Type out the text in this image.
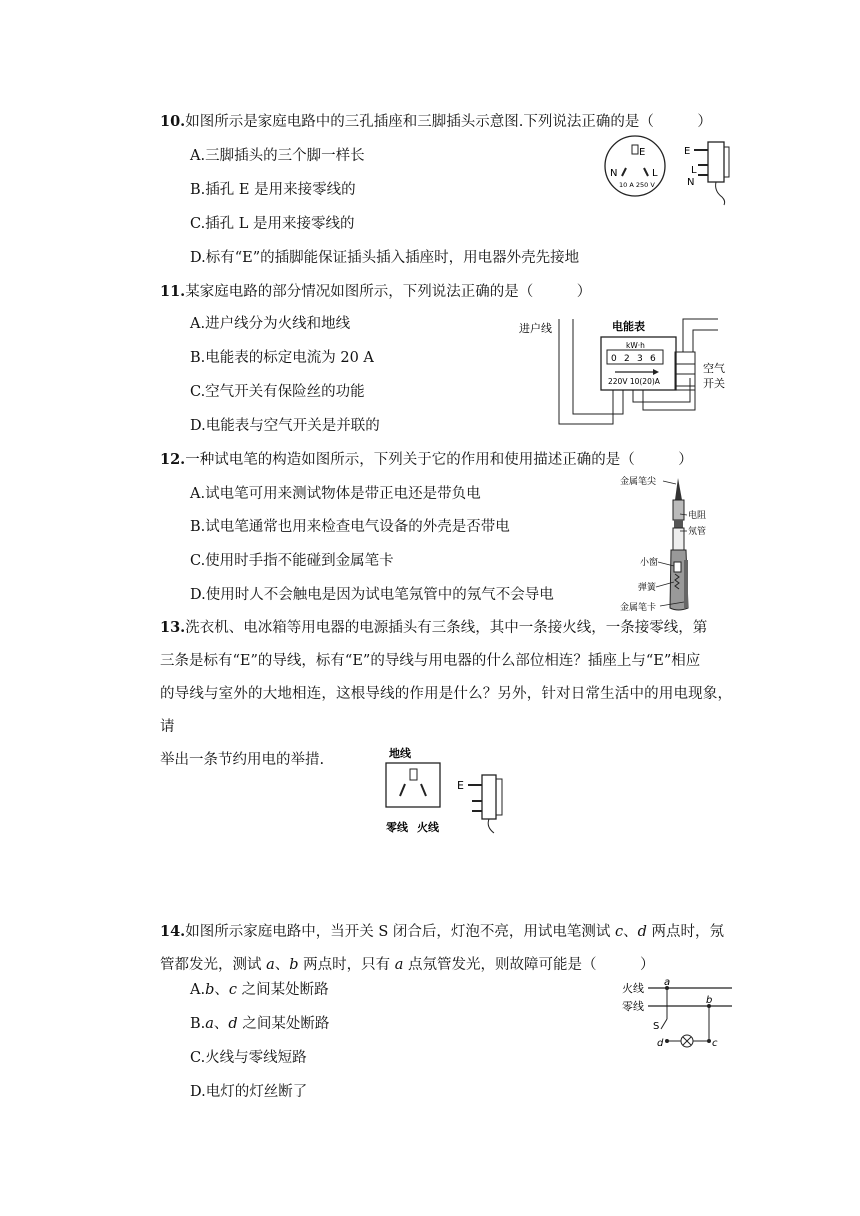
10.如图所示是家庭电路中的三孔插座和三脚插头示意图.下列说法正确的是（　　　）
A.三脚插头的三个脚一样长
B.插孔 E 是用来接零线的
C.插孔 L 是用来接零线的
D.标有“E”的插脚能保证插头插入插座时，用电器外壳先接地
E
N	L
10 A 250 V
E
L
N
11.某家庭电路的部分情况如图所示，下列说法正确的是（　　　）
A.进户线分为火线和地线
B.电能表的标定电流为 20 A
C.空气开关有保险丝的功能
D.电能表与空气开关是并联的
进户线	电能表
kW·h
0 2 3 6
220V 10(20)A
空气
开关
12.一种试电笔的构造如图所示，下列关于它的作用和使用描述正确的是（　　　）
A.试电笔可用来测试物体是带正电还是带负电
B.试电笔通常也用来检查电气设备的外壳是否带电
C.使用时手指不能碰到金属笔卡
D.使用时人不会触电是因为试电笔氖管中的氖气不会导电
金属笔尖
电阻
氖管
小窗
弹簧
金属笔卡
13.洗衣机、电冰箱等用电器的电源插头有三条线，其中一条接火线，一条接零线，第
三条是标有“E”的导线，标有“E”的导线与用电器的什么部位相连？插座上与“E”相应
的导线与室外的大地相连，这根导线的作用是什么？另外，针对日常生活中的用电现象，请
举出一条节约用电的举措.	地线
零线 火线
E
14.如图所示家庭电路中，当开关 S 闭合后，灯泡不亮，用试电笔测试 c、d 两点时，氖
管都发光，测试 a、b 两点时，只有 a 点氖管发光，则故障可能是（　　　）
A.b、c 之间某处断路
B.a、d 之间某处断路
C.火线与零线短路
D.电灯的灯丝断了
火线
零线
a
b
S
d	c
